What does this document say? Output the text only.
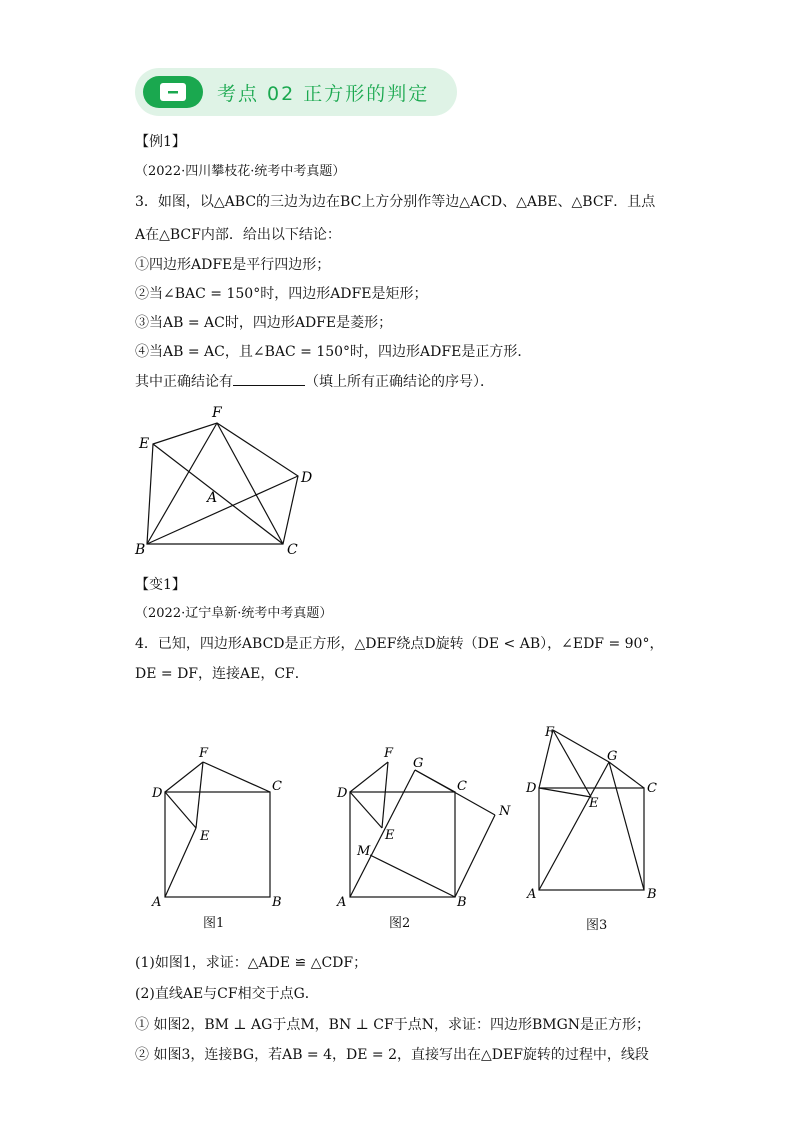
考点 02 正方形的判定
【例1】
（2022·四川攀枝花·统考中考真题）
3．如图，以△ABC的三边为边在BC上方分别作等边△ACD、△ABE、△BCF．且点
A在△BCF内部．给出以下结论：
①四边形ADFE是平行四边形；
②当∠BAC = 150°时，四边形ADFE是矩形；
③当AB = AC时，四边形ADFE是菱形；
④当AB = AC，且∠BAC = 150°时，四边形ADFE是正方形．
其中正确结论有	（填上所有正确结论的序号）．
F
E
D
A
B	C
【变1】
（2022·辽宁阜新·统考中考真题）
4．已知，四边形ABCD是正方形，△DEF绕点D旋转（DE < AB），∠EDF = 90°，
DE = DF，连接AE，CF．
F
D	C
E
A	B
图1
F
G
D	C
N
E
M
A	B
图2
F
G
D
E
C
A	B
图3
(1)如图1，求证：△ADE ≌ △CDF；
(2)直线AE与CF相交于点G．
① 如图2，BM ⊥ AG于点M，BN ⊥ CF于点N，求证：四边形BMGN是正方形；
② 如图3，连接BG，若AB = 4，DE = 2，直接写出在△DEF旋转的过程中，线段
